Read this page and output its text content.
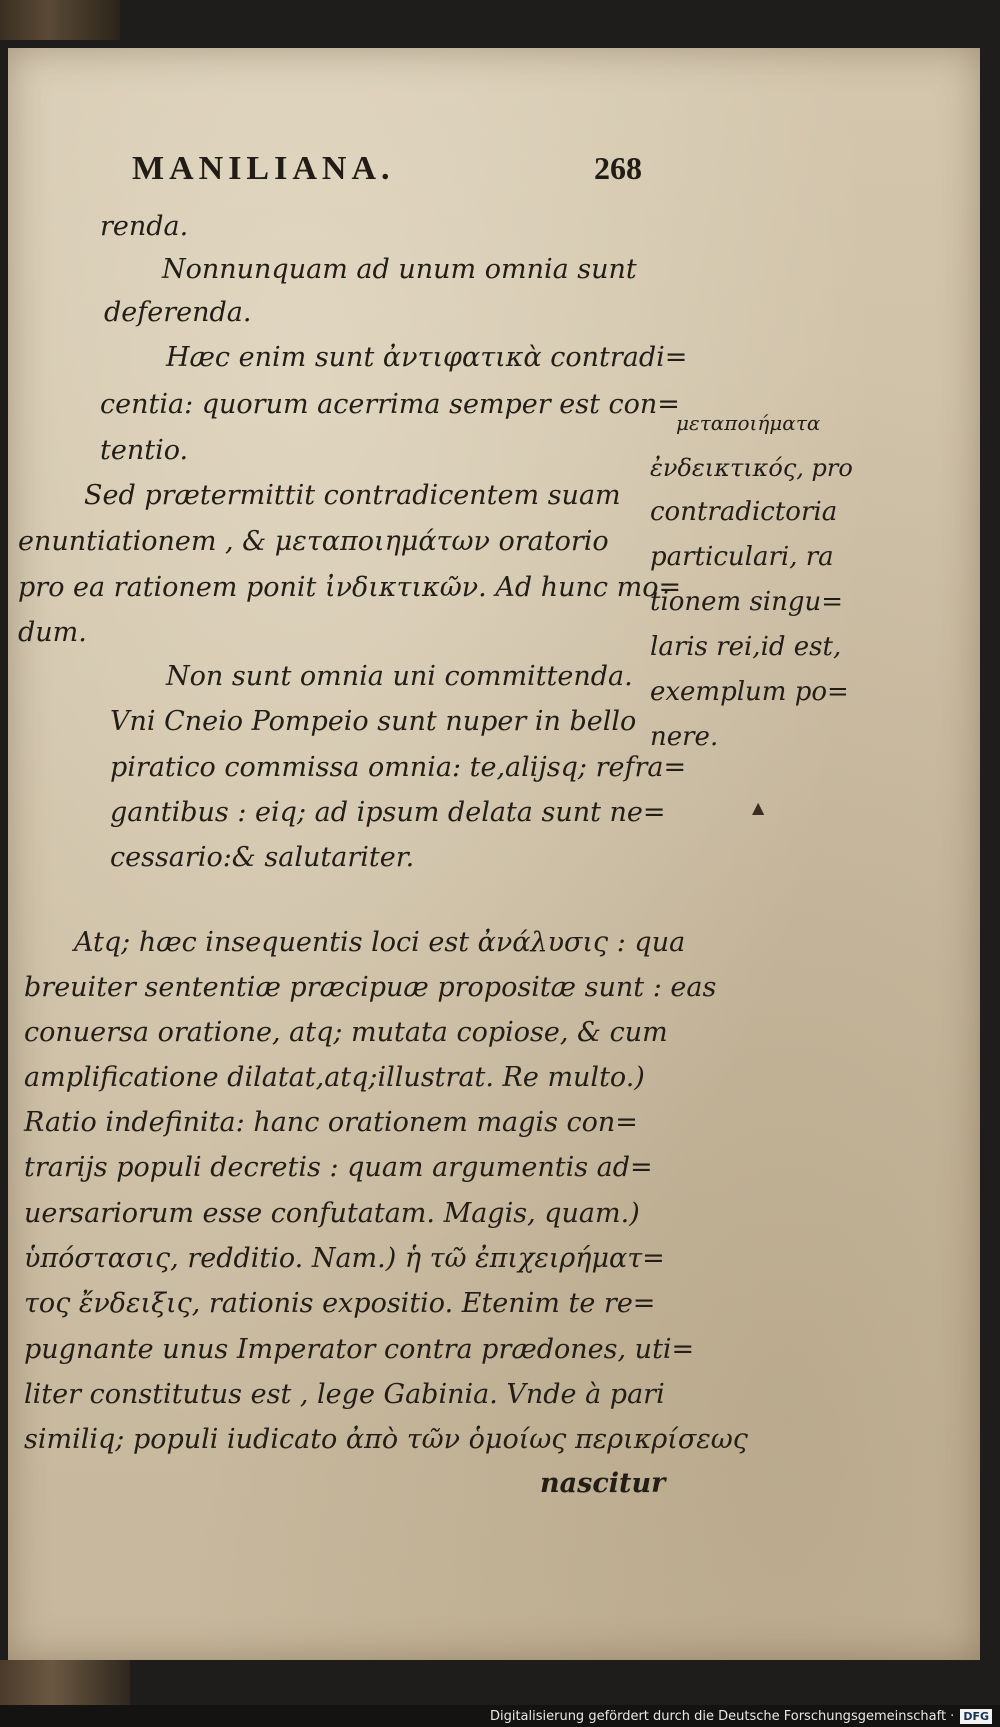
MANILIANA.	268
renda.
Nonnunquam ad unum omnia sunt
deferenda.
Hæc enim sunt ἀντιφατικὰ contradi=
centia: quorum acerrima semper est con=
tentio.
Sed prætermittit contradicentem suam
enuntiationem , & μεταποιημάτων oratorio
pro ea rationem ponit ἰνδικτικῶν. Ad hunc mo=
dum.
Non sunt omnia uni committenda.
Vni Cneio Pompeio sunt nuper in bello
piratico commissa omnia: te,alijsq; refra=
gantibus : eiq; ad ipsum delata sunt ne=
cessario:& salutariter.
Atq; hæc insequentis loci est ἀνάλυσις : qua
breuiter sententiæ præcipuæ propositæ sunt : eas
conuersa oratione, atq; mutata copiose, & cum
amplificatione dilatat,atq;illustrat. Re multo.)
Ratio indefinita: hanc orationem magis con=
trarijs populi decretis : quam argumentis ad=
uersariorum esse confutatam. Magis, quam.)
ὑπόστασις, redditio. Nam.) ἡ τῶ ἐπιχειρήματ=
τος ἔνδειξις, rationis expositio. Etenim te re=
pugnante unus Imperator contra prædones, uti=
liter constitutus est , lege Gabinia. Vnde à pari
similiq; populi iudicato ἀπὸ τῶν ὁμοίως περικρίσεως
nascitur
μεταποιήματα
ἐνδεικτικός, pro
contradictoria
particulari, ra
tionem singu=
laris rei,id est,
exemplum po=
nere.
▲
Digitalisierung gefördert durch die Deutsche Forschungsgemeinschaft · DFG
